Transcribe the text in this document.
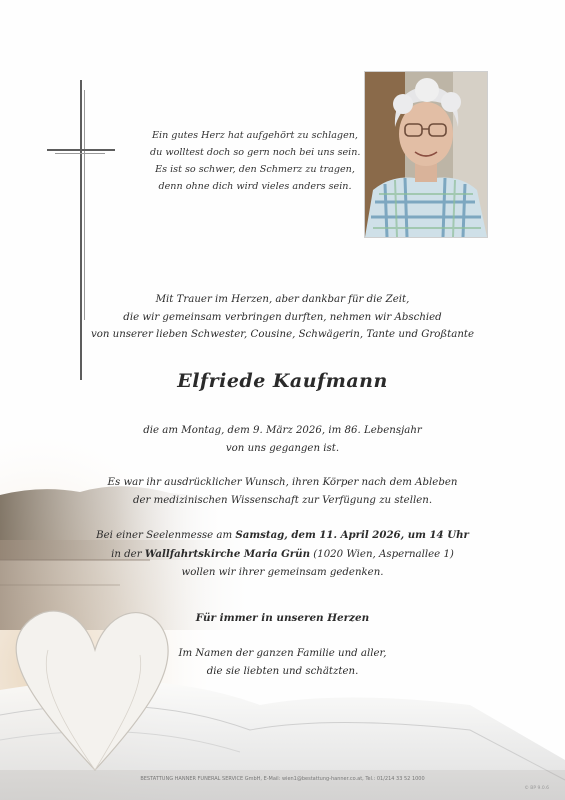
Ein gutes Herz hat aufgehört zu schlagen,
du wolltest doch so gern noch bei uns sein.
Es ist so schwer, den Schmerz zu tragen,
denn ohne dich wird vieles anders sein.
Mit Trauer im Herzen, aber dankbar für die Zeit,
die wir gemeinsam verbringen durften, nehmen wir Abschied
von unserer lieben Schwester, Cousine, Schwägerin, Tante und Großtante
Elfriede Kaufmann
die am Montag, dem 9. März 2026, im 86. Lebensjahr
von uns gegangen ist.
Es war ihr ausdrücklicher Wunsch, ihren Körper nach dem Ableben
der medizinischen Wissenschaft zur Verfügung zu stellen.
Bei einer Seelenmesse am Samstag, dem 11. April 2026, um 14 Uhr
in der Wallfahrtskirche Maria Grün (1020 Wien, Aspernallee 1)
wollen wir ihrer gemeinsam gedenken.
Für immer in unseren Herzen
Im Namen der ganzen Familie und aller,
die sie liebten und schätzten.
BESTATTUNG HANNER FUNERAL SERVICE GmbH, E-Mail: wien1@bestattung-hanner.co.at, Tel.: 01/214 33 52 1000
© BP 9.0.6
